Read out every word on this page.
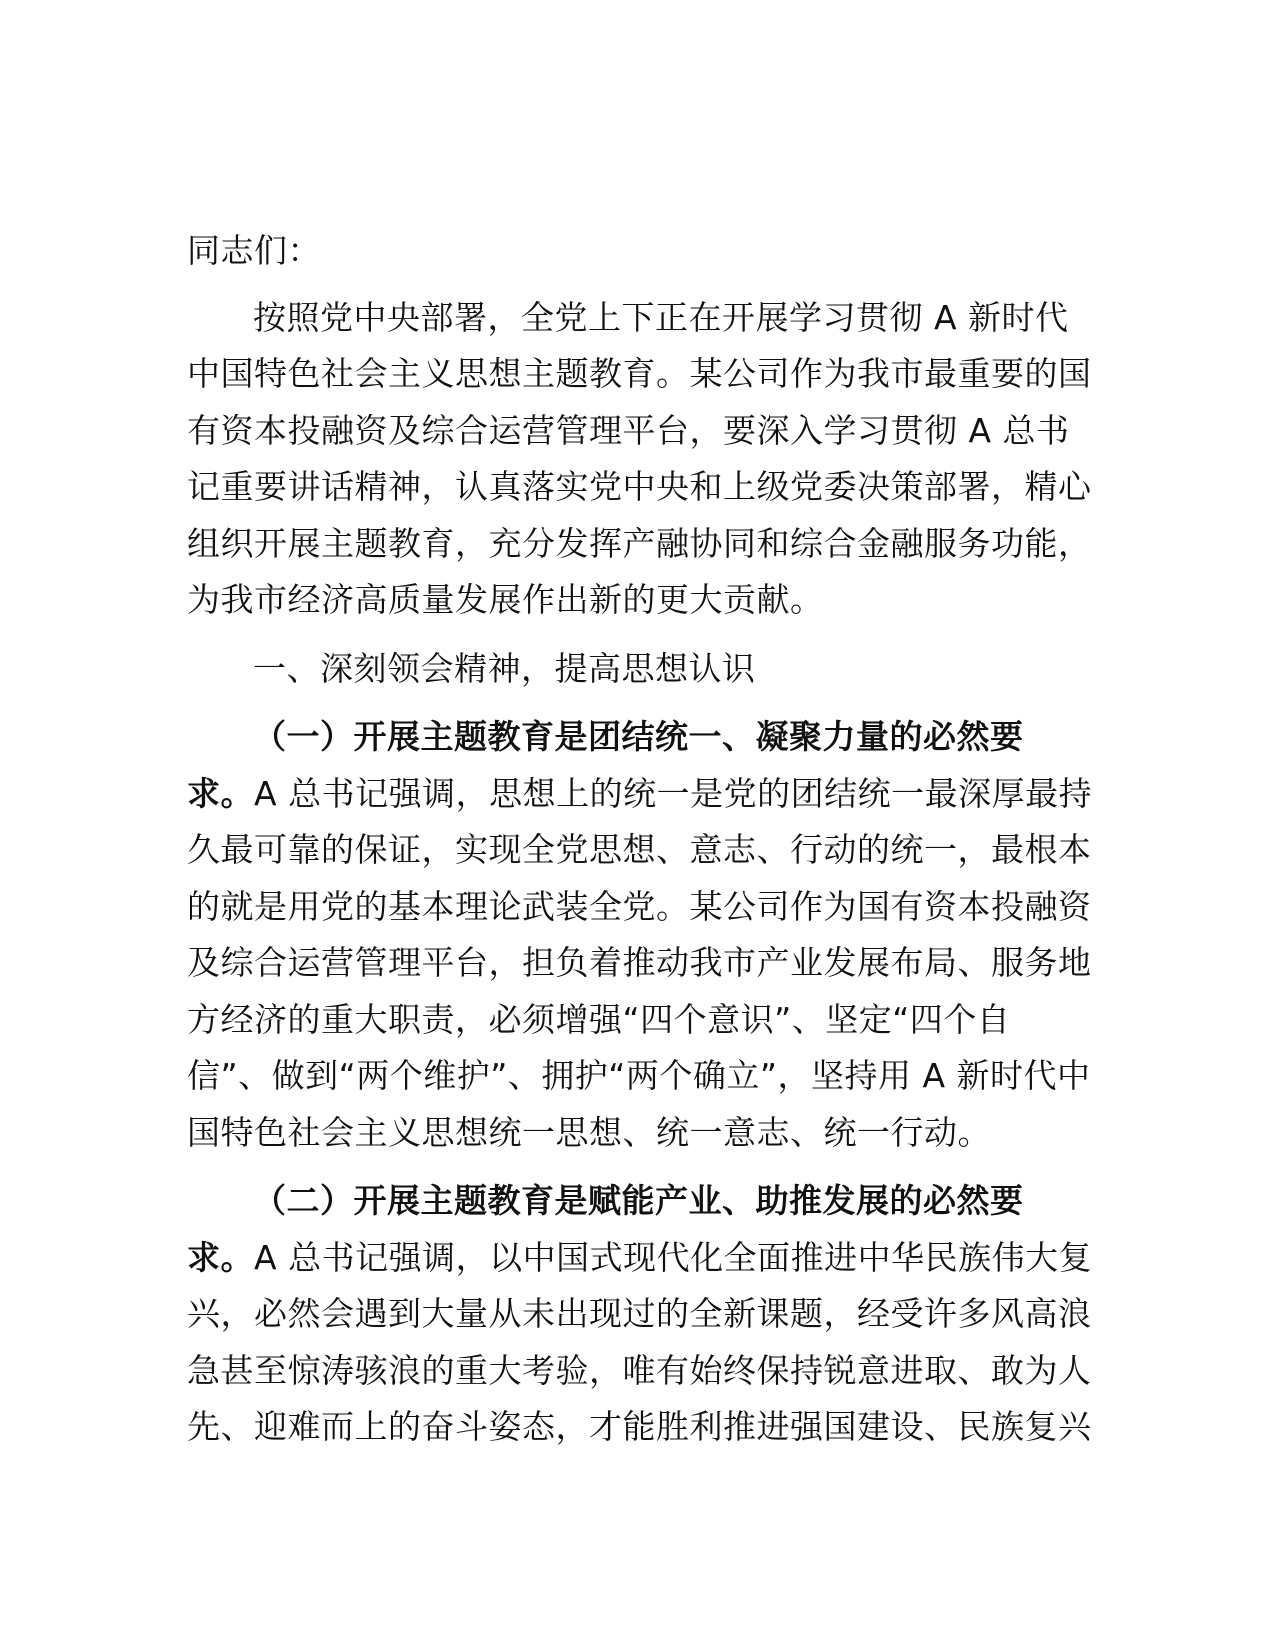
同志们：
按照党中央部署，全党上下正在开展学习贯彻 A 新时代
中国特色社会主义思想主题教育。某公司作为我市最重要的国
有资本投融资及综合运营管理平台，要深入学习贯彻 A 总书
记重要讲话精神，认真落实党中央和上级党委决策部署，精心
组织开展主题教育，充分发挥产融协同和综合金融服务功能，
为我市经济高质量发展作出新的更大贡献。
一、深刻领会精神，提高思想认识
（一）开展主题教育是团结统一、凝聚力量的必然要
求。A 总书记强调，思想上的统一是党的团结统一最深厚最持
久最可靠的保证，实现全党思想、意志、行动的统一，最根本
的就是用党的基本理论武装全党。某公司作为国有资本投融资
及综合运营管理平台，担负着推动我市产业发展布局、服务地
方经济的重大职责，必须增强“四个意识”、坚定“四个自
信”、做到“两个维护”、拥护“两个确立”，坚持用 A 新时代中
国特色社会主义思想统一思想、统一意志、统一行动。
（二）开展主题教育是赋能产业、助推发展的必然要
求。A 总书记强调，以中国式现代化全面推进中华民族伟大复
兴，必然会遇到大量从未出现过的全新课题，经受许多风高浪
急甚至惊涛骇浪的重大考验，唯有始终保持锐意进取、敢为人
先、迎难而上的奋斗姿态，才能胜利推进强国建设、民族复兴
